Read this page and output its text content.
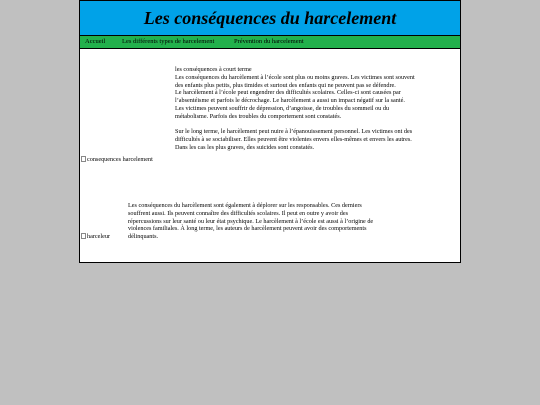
Les conséquences du harcelement
Accueil	Les différents types de harcelement	Prévention du harcelement
consequences harcelement

les conséquences à court terme

Les conséquences du harcèlement à l’école sont plus ou moins graves. Les victimes sont souvent des enfants plus petits, plus timides et surtout des enfants qui ne peuvent pas se défendre.

Le harcèlement à l’école peut engendrer des difficultés scolaires. Celles-ci sont causées par l’absentéisme et parfois le décrochage. Le harcèlement a aussi un impact négatif sur la santé.

Les victimes peuvent souffrir de dépression, d’angoisse, de troubles du sommeil ou du métabolisme. Parfois des troubles du comportement sont constatés.

Sur le long terme, le harcèlement peut nuire à l’épanouissement personnel. Les victimes ont des difficultés à se sociabiliser. Elles peuvent être violentes envers elles-mêmes et envers les autres. Dans les cas les plus graves, des suicides sont constatés.

harceleur

Les conséquences du harcèlement sont également à déplorer sur les responsables. Ces derniers souffrent aussi. Ils peuvent connaître des difficultés scolaires. Il peut en outre y avoir des répercussions sur leur santé ou leur état psychique. Le harcèlement à l’école est aussi à l’origine de violences familiales. À long terme, les auteurs de harcèlement peuvent avoir des comportements délinquants.
